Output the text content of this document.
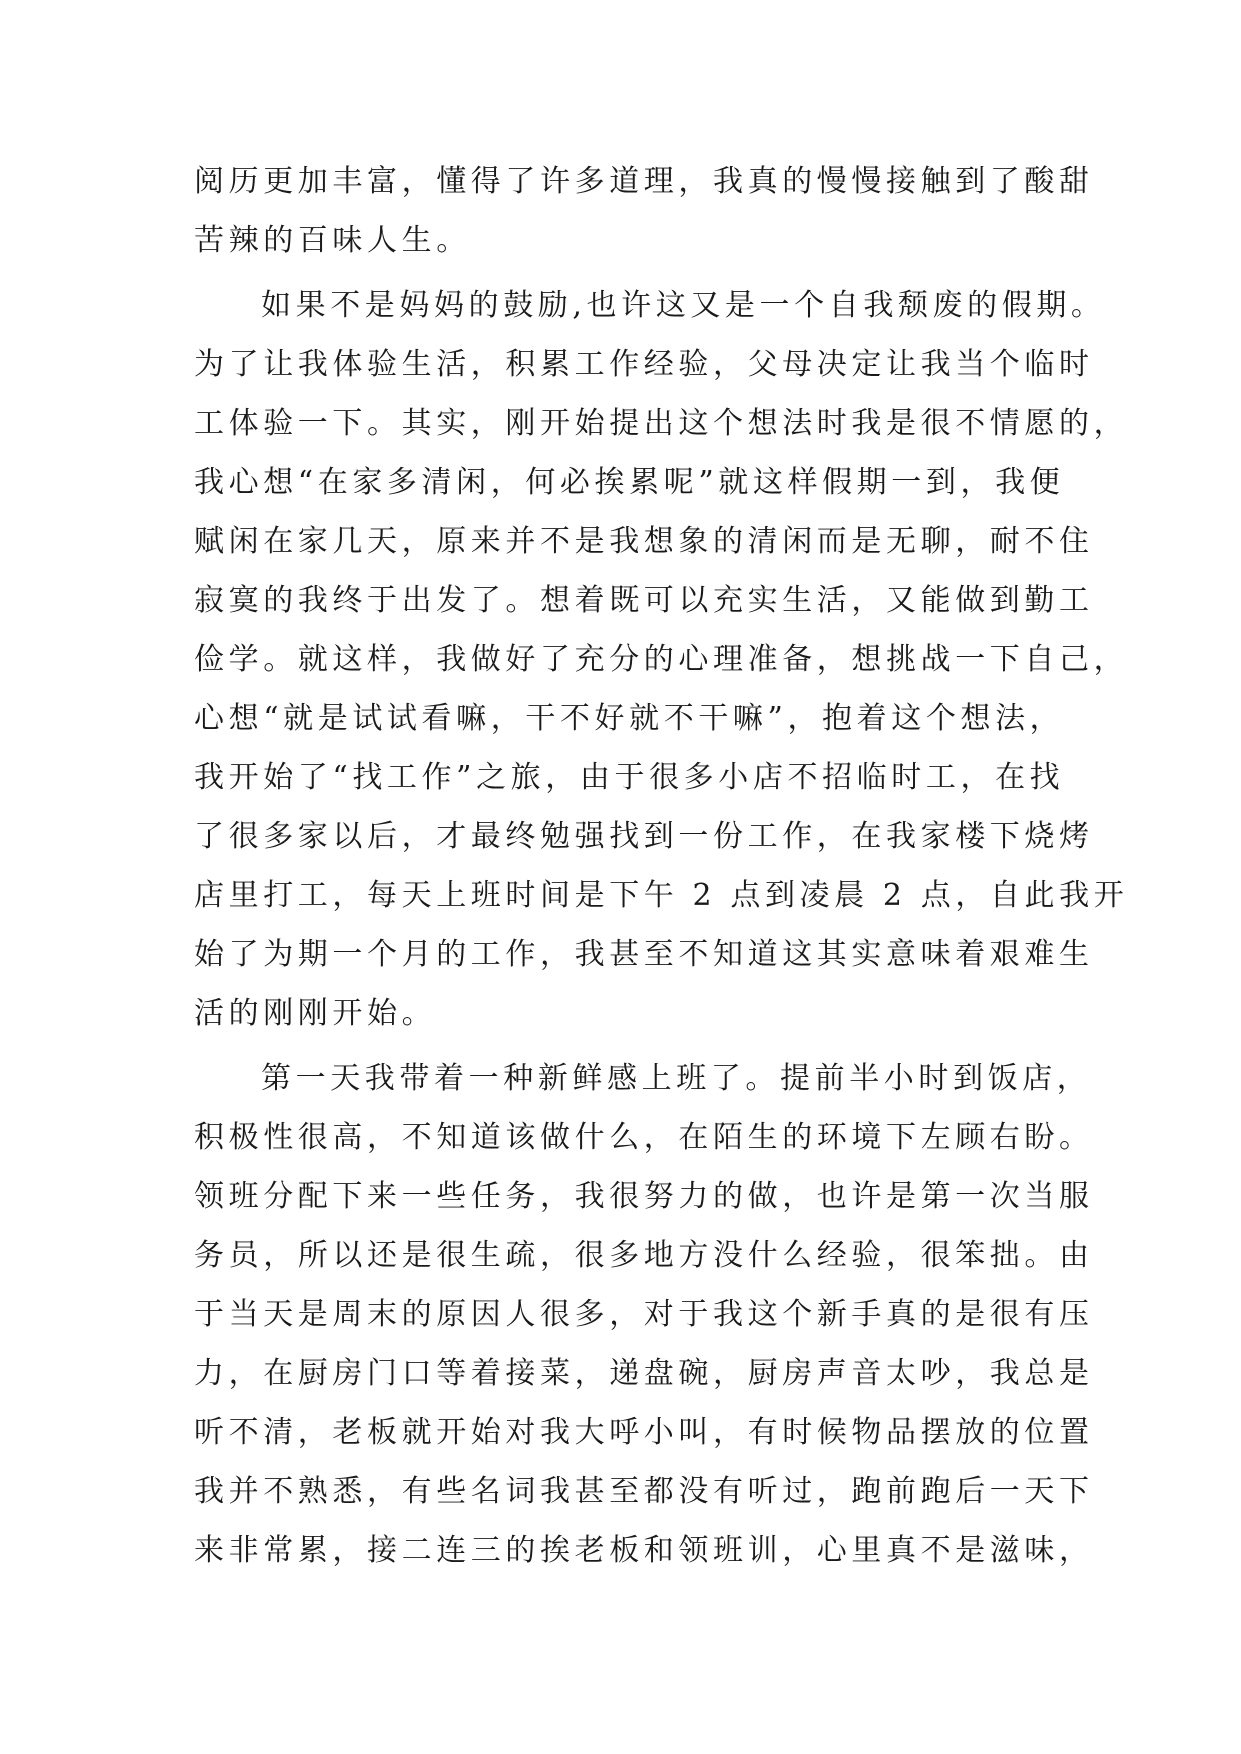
阅历更加丰富，懂得了许多道理，我真的慢慢接触到了酸甜
苦辣的百味人生。
如果不是妈妈的鼓励,也许这又是一个自我颓废的假期。
为了让我体验生活，积累工作经验，父母决定让我当个临时
工体验一下。其实，刚开始提出这个想法时我是很不情愿的，
我心想“在家多清闲，何必挨累呢”就这样假期一到，我便
赋闲在家几天，原来并不是我想象的清闲而是无聊，耐不住
寂寞的我终于出发了。想着既可以充实生活，又能做到勤工
俭学。就这样，我做好了充分的心理准备，想挑战一下自己，
心想“就是试试看嘛，干不好就不干嘛”，抱着这个想法，
我开始了“找工作”之旅，由于很多小店不招临时工，在找
了很多家以后，才最终勉强找到一份工作，在我家楼下烧烤
店里打工，每天上班时间是下午 2 点到凌晨 2 点，自此我开
始了为期一个月的工作，我甚至不知道这其实意味着艰难生
活的刚刚开始。
第一天我带着一种新鲜感上班了。提前半小时到饭店，
积极性很高，不知道该做什么，在陌生的环境下左顾右盼。
领班分配下来一些任务，我很努力的做，也许是第一次当服
务员，所以还是很生疏，很多地方没什么经验，很笨拙。由
于当天是周末的原因人很多，对于我这个新手真的是很有压
力，在厨房门口等着接菜，递盘碗，厨房声音太吵，我总是
听不清，老板就开始对我大呼小叫，有时候物品摆放的位置
我并不熟悉，有些名词我甚至都没有听过，跑前跑后一天下
来非常累，接二连三的挨老板和领班训，心里真不是滋味，
